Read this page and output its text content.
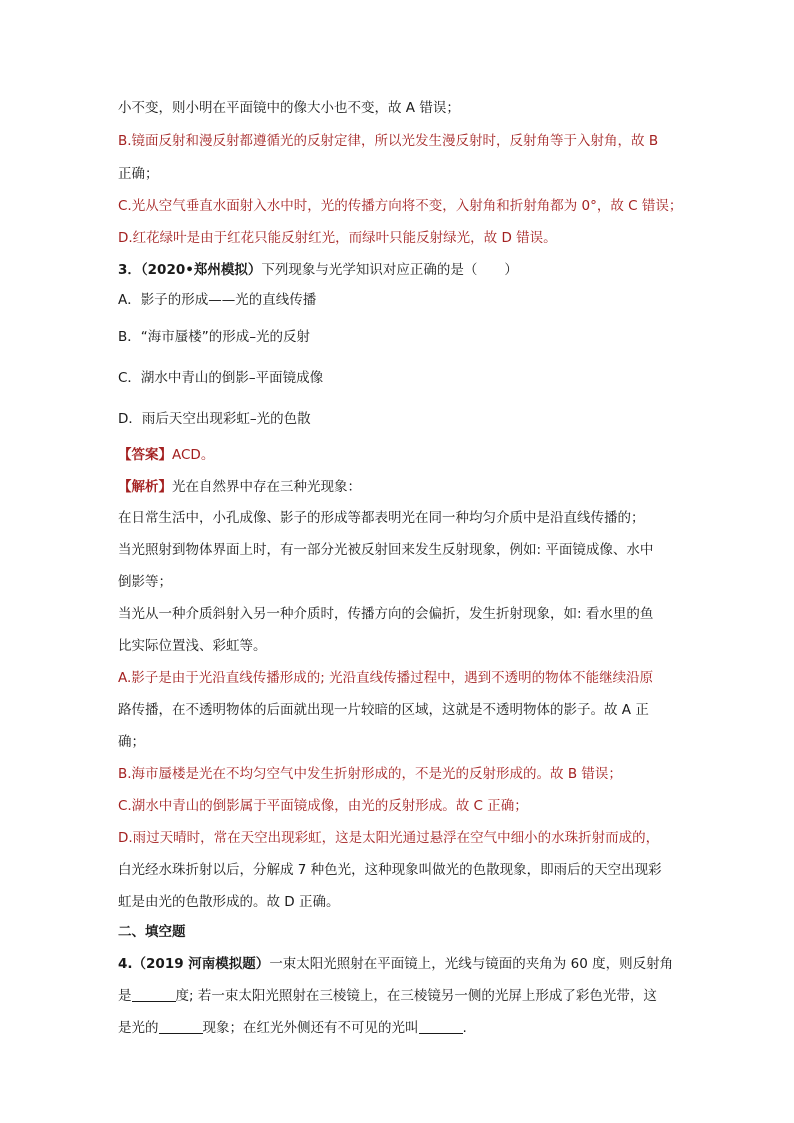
小不变，则小明在平面镜中的像大小也不变，故 A 错误；
B.镜面反射和漫反射都遵循光的反射定律，所以光发生漫反射时，反射角等于入射角，故 B
正确；
C.光从空气垂直水面射入水中时，光的传播方向将不变，入射角和折射角都为 0°，故 C 错误；
D.红花绿叶是由于红花只能反射红光，而绿叶只能反射绿光，故 D 错误。
3．（2020•郑州模拟）下列现象与光学知识对应正确的是（　　）
A．影子的形成——光的直线传播
B．“海市蜃楼”的形成–光的反射
C．湖水中青山的倒影–平面镜成像
D．雨后天空出现彩虹–光的色散
【答案】ACD。
【解析】光在自然界中存在三种光现象：
在日常生活中，小孔成像、影子的形成等都表明光在同一种均匀介质中是沿直线传播的；
当光照射到物体界面上时，有一部分光被反射回来发生反射现象，例如: 平面镜成像、水中
倒影等；
当光从一种介质斜射入另一种介质时，传播方向的会偏折，发生折射现象，如: 看水里的鱼
比实际位置浅、彩虹等。
A.影子是由于光沿直线传播形成的; 光沿直线传播过程中，遇到不透明的物体不能继续沿原
路传播，在不透明物体的后面就出现一片较暗的区域，这就是不透明物体的影子。故 A 正
确；
B.海市蜃楼是光在不均匀空气中发生折射形成的，不是光的反射形成的。故 B 错误；
C.湖水中青山的倒影属于平面镜成像，由光的反射形成。故 C 正确；
D.雨过天晴时，常在天空出现彩虹，这是太阳光通过悬浮在空气中细小的水珠折射而成的，
白光经水珠折射以后，分解成 7 种色光，这种现象叫做光的色散现象，即雨后的天空出现彩
虹是由光的色散形成的。故 D 正确。
二、填空题
4.（2019 河南模拟题）一束太阳光照射在平面镜上，光线与镜面的夹角为 60 度，则反射角
是	度; 若一束太阳光照射在三棱镜上，在三棱镜另一侧的光屏上形成了彩色光带，这
是光的	现象；在红光外侧还有不可见的光叫	.
